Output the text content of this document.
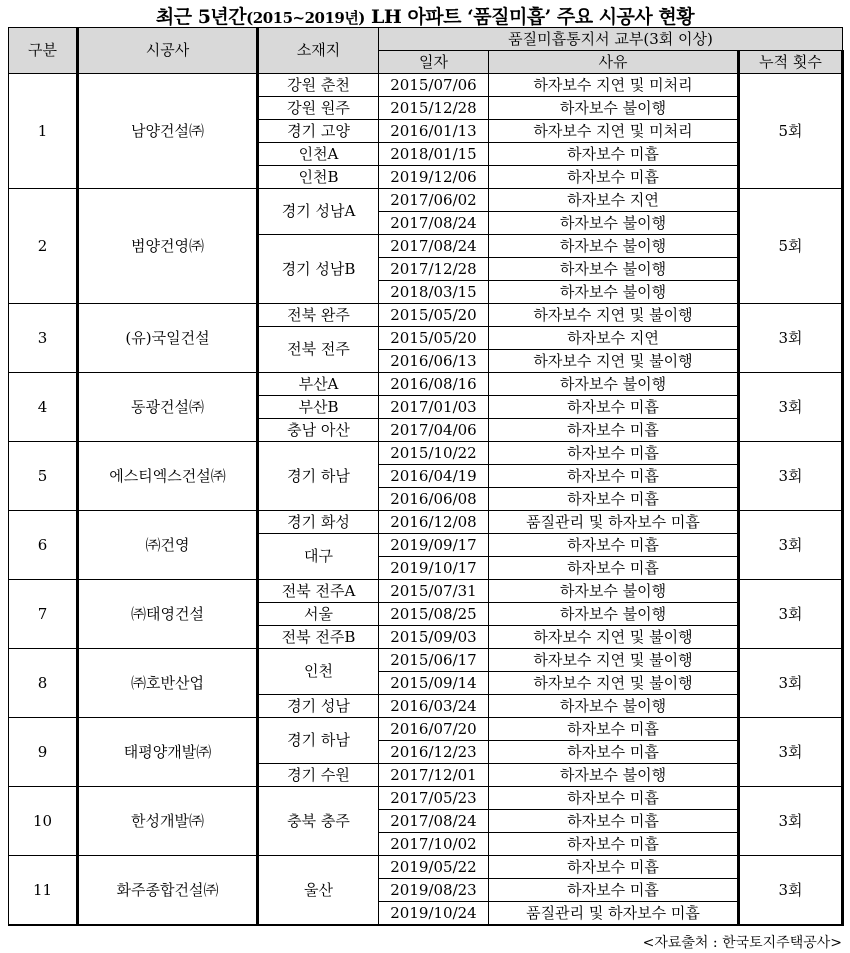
최근 5년간(2015~2019년) LH 아파트 ‘품질미흡’ 주요 시공사 현황
구분	시공사	소재지	품질미흡통지서 교부(3회 이상)		
			일자	사유	누적 횟수
1	남양건설㈜	강원 춘천	2015/07/06	하자보수 지연 및 미처리	5회
		강원 원주	2015/12/28	하자보수 불이행	
		경기 고양	2016/01/13	하자보수 지연 및 미처리	
		인천A	2018/01/15	하자보수 미흡	
		인천B	2019/12/06	하자보수 미흡	
2	범양건영㈜	경기 성남A	2017/06/02	하자보수 지연	5회
			2017/08/24	하자보수 불이행	
		경기 성남B	2017/08/24	하자보수 불이행	
			2017/12/28	하자보수 불이행	
			2018/03/15	하자보수 불이행	
3	(유)국일건설	전북 완주	2015/05/20	하자보수 지연 및 불이행	3회
		전북 전주	2015/05/20	하자보수 지연	
			2016/06/13	하자보수 지연 및 불이행	
4	동광건설㈜	부산A	2016/08/16	하자보수 불이행	3회
		부산B	2017/01/03	하자보수 미흡	
		충남 아산	2017/04/06	하자보수 미흡	
5	에스티엑스건설㈜	경기 하남	2015/10/22	하자보수 미흡	3회
			2016/04/19	하자보수 미흡	
			2016/06/08	하자보수 미흡	
6	㈜건영	경기 화성	2016/12/08	품질관리 및 하자보수 미흡	3회
		대구	2019/09/17	하자보수 미흡	
			2019/10/17	하자보수 미흡	
7	㈜태영건설	전북 전주A	2015/07/31	하자보수 불이행	3회
		서울	2015/08/25	하자보수 불이행	
		전북 전주B	2015/09/03	하자보수 지연 및 불이행	
8	㈜호반산업	인천	2015/06/17	하자보수 지연 및 불이행	3회
			2015/09/14	하자보수 지연 및 불이행	
		경기 성남	2016/03/24	하자보수 불이행	
9	태평양개발㈜	경기 하남	2016/07/20	하자보수 미흡	3회
			2016/12/23	하자보수 미흡	
		경기 수원	2017/12/01	하자보수 불이행	
10	한성개발㈜	충북 충주	2017/05/23	하자보수 미흡	3회
			2017/08/24	하자보수 미흡	
			2017/10/02	하자보수 미흡	
11	화주종합건설㈜	울산	2019/05/22	하자보수 미흡	3회
			2019/08/23	하자보수 미흡	
			2019/10/24	품질관리 및 하자보수 미흡	
<자료출처 : 한국토지주택공사>
